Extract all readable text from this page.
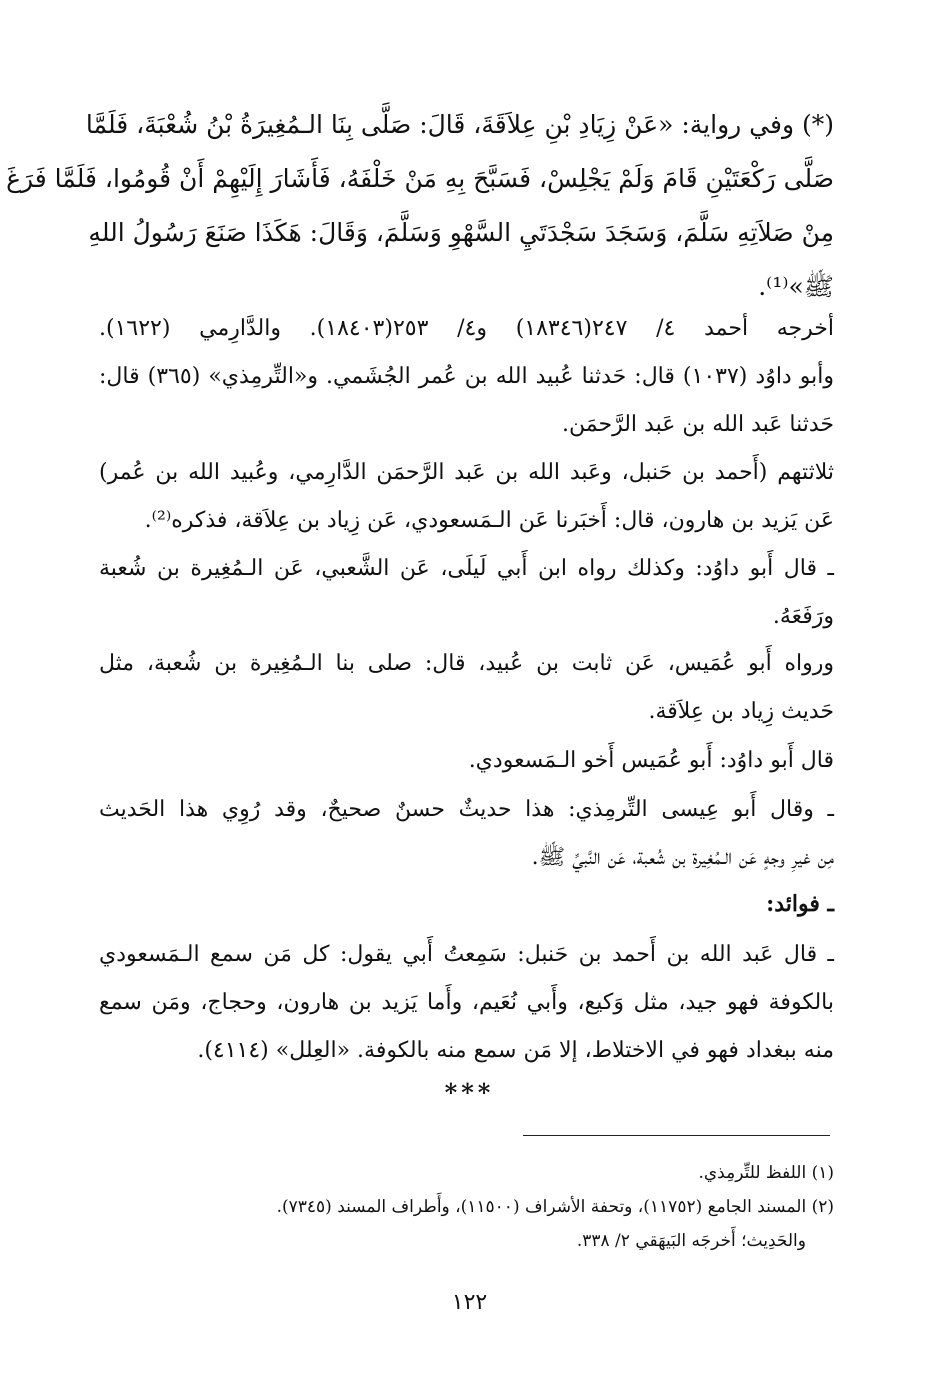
(*) وفي رواية: «عَنْ زِيَادِ بْنِ عِلاَقَةَ، قَالَ: صَلَّى بِنَا الـمُغِيرَةُ بْنُ شُعْبَةَ، فَلَمَّا
صَلَّى رَكْعَتَيْنِ قَامَ وَلَمْ يَجْلِسْ، فَسَبَّحَ بِهِ مَنْ خَلْفَهُ، فَأَشَارَ إِلَيْهِمْ أَنْ قُومُوا، فَلَمَّا فَرَغَ
مِنْ صَلاَتِهِ سَلَّمَ، وَسَجَدَ سَجْدَتَيِ السَّهْوِ وَسَلَّمَ، وَقَالَ: هَكَذَا صَنَعَ رَسُولُ اللهِ
ﷺ»⁽¹⁾.
أخرجه أحمد ٤/ ٢٤٧(١٨٣٤٦) و٤/ ٢٥٣(١٨٤٠٣). والدَّارِمي (١٦٢٢).
وأبو داوُد (١٠٣٧) قال: حَدثنا عُبيد الله بن عُمر الجُشَمي. و«التِّرمِذي» (٣٦٥) قال:
حَدثنا عَبد الله بن عَبد الرَّحمَن.
ثلاثتهم (أَحمد بن حَنبل، وعَبد الله بن عَبد الرَّحمَن الدَّارِمي، وعُبيد الله بن عُمر)
عَن يَزيد بن هارون، قال: أَخبَرنا عَن الـمَسعودي، عَن زِياد بن عِلاَقة، فذكره⁽²⁾.
ـ قال أَبو داوُد: وكذلك رواه ابن أَبي لَيلَى، عَن الشَّعبي، عَن الـمُغِيرة بن شُعبة
ورَفَعَهُ.
ورواه أَبو عُمَيس، عَن ثابت بن عُبيد، قال: صلى بنا الـمُغِيرة بن شُعبة، مثل
حَديث زِياد بن عِلاَقة.
قال أَبو داوُد: أَبو عُمَيس أَخو الـمَسعودي.
ـ وقال أَبو عِيسى التِّرمِذي: هذا حديثٌ حسنٌ صحيحٌ، وقد رُوِي هذا الحَديث
مِن غيرِ وجهٍ عَن الـمُغِيرة بن شُعبة، عَن النَّبيِّ ﷺ.
ـ فوائد:
ـ قال عَبد الله بن أَحمد بن حَنبل: سَمِعتُ أَبي يقول: كل مَن سمع الـمَسعودي
بالكوفة فهو جيد، مثل وَكيع، وأَبي نُعَيم، وأَما يَزيد بن هارون، وحجاج، ومَن سمع
منه ببغداد فهو في الاختلاط، إلا مَن سمع منه بالكوفة. «العِلل» (٤١١٤).
***
(١) اللفظ للتِّرمِذي.
(٢) المسند الجامع (١١٧٥٢)، وتحفة الأشراف (١١٥٠٠)، وأَطراف المسند (٧٣٤٥).
والحَدِيث؛ أَخرجَه البَيهَقي ٢/ ٣٣٨.
١٢٢
